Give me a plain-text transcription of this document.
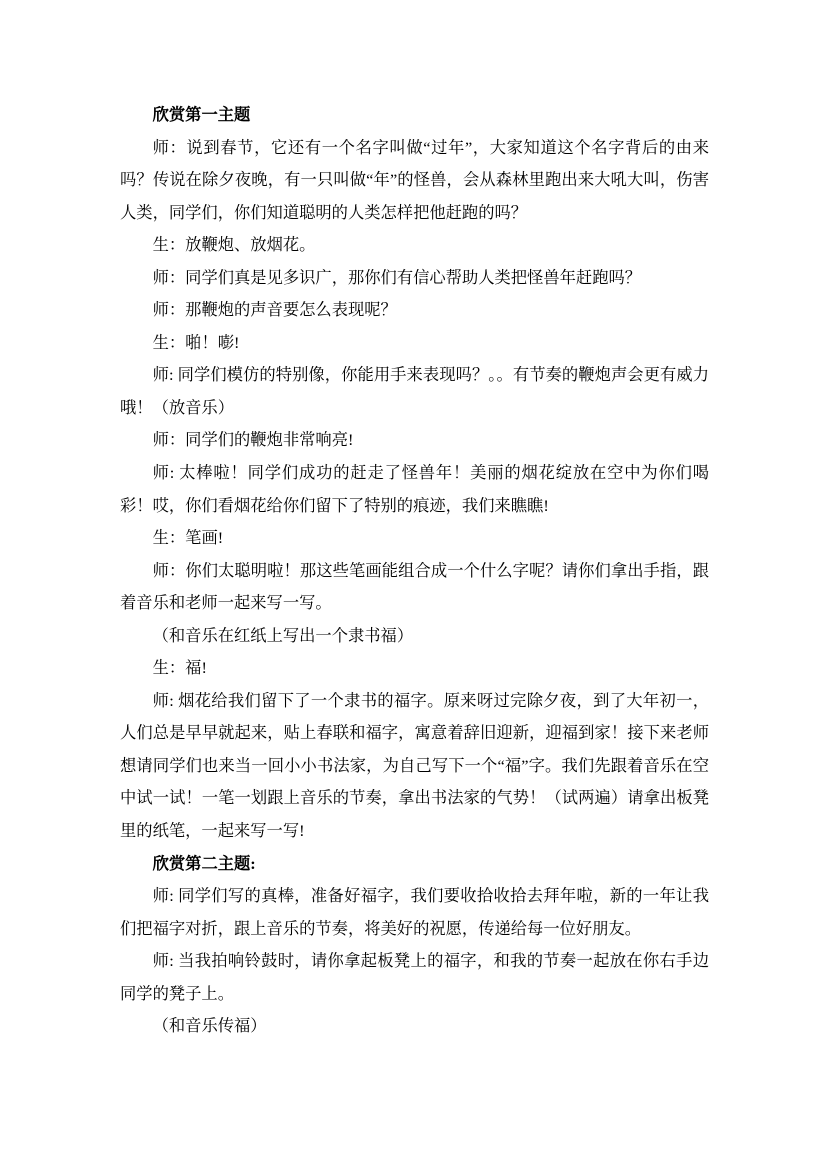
欣赏第一主题

师：说到春节，它还有一个名字叫做“过年”，大家知道这个名字背后的由来吗？传说在除夕夜晚，有一只叫做“年”的怪兽，会从森林里跑出来大吼大叫，伤害人类，同学们，你们知道聪明的人类怎样把他赶跑的吗？

生：放鞭炮、放烟花。

师：同学们真是见多识广，那你们有信心帮助人类把怪兽年赶跑吗？

师：那鞭炮的声音要怎么表现呢？

生：啪！嘭!

师: 同学们模仿的特别像，你能用手来表现吗？。。有节奏的鞭炮声会更有威力哦！（放音乐）

师：同学们的鞭炮非常响亮!

师: 太棒啦！同学们成功的赶走了怪兽年！美丽的烟花绽放在空中为你们喝彩！哎，你们看烟花给你们留下了特别的痕迹，我们来瞧瞧!

生：笔画!

师：你们太聪明啦！那这些笔画能组合成一个什么字呢？请你们拿出手指，跟着音乐和老师一起来写一写。

（和音乐在红纸上写出一个隶书福）

生：福!

师: 烟花给我们留下了一个隶书的福字。原来呀过完除夕夜，到了大年初一，人们总是早早就起来，贴上春联和福字，寓意着辞旧迎新，迎福到家！接下来老师想请同学们也来当一回小小书法家，为自己写下一个“福”字。我们先跟着音乐在空中试一试！一笔一划跟上音乐的节奏，拿出书法家的气势！（试两遍）请拿出板凳里的纸笔，一起来写一写!

欣赏第二主题:

师: 同学们写的真棒，准备好福字，我们要收拾收拾去拜年啦，新的一年让我们把福字对折，跟上音乐的节奏，将美好的祝愿，传递给每一位好朋友。

师: 当我拍响铃鼓时，请你拿起板凳上的福字，和我的节奏一起放在你右手边同学的凳子上。

（和音乐传福）
